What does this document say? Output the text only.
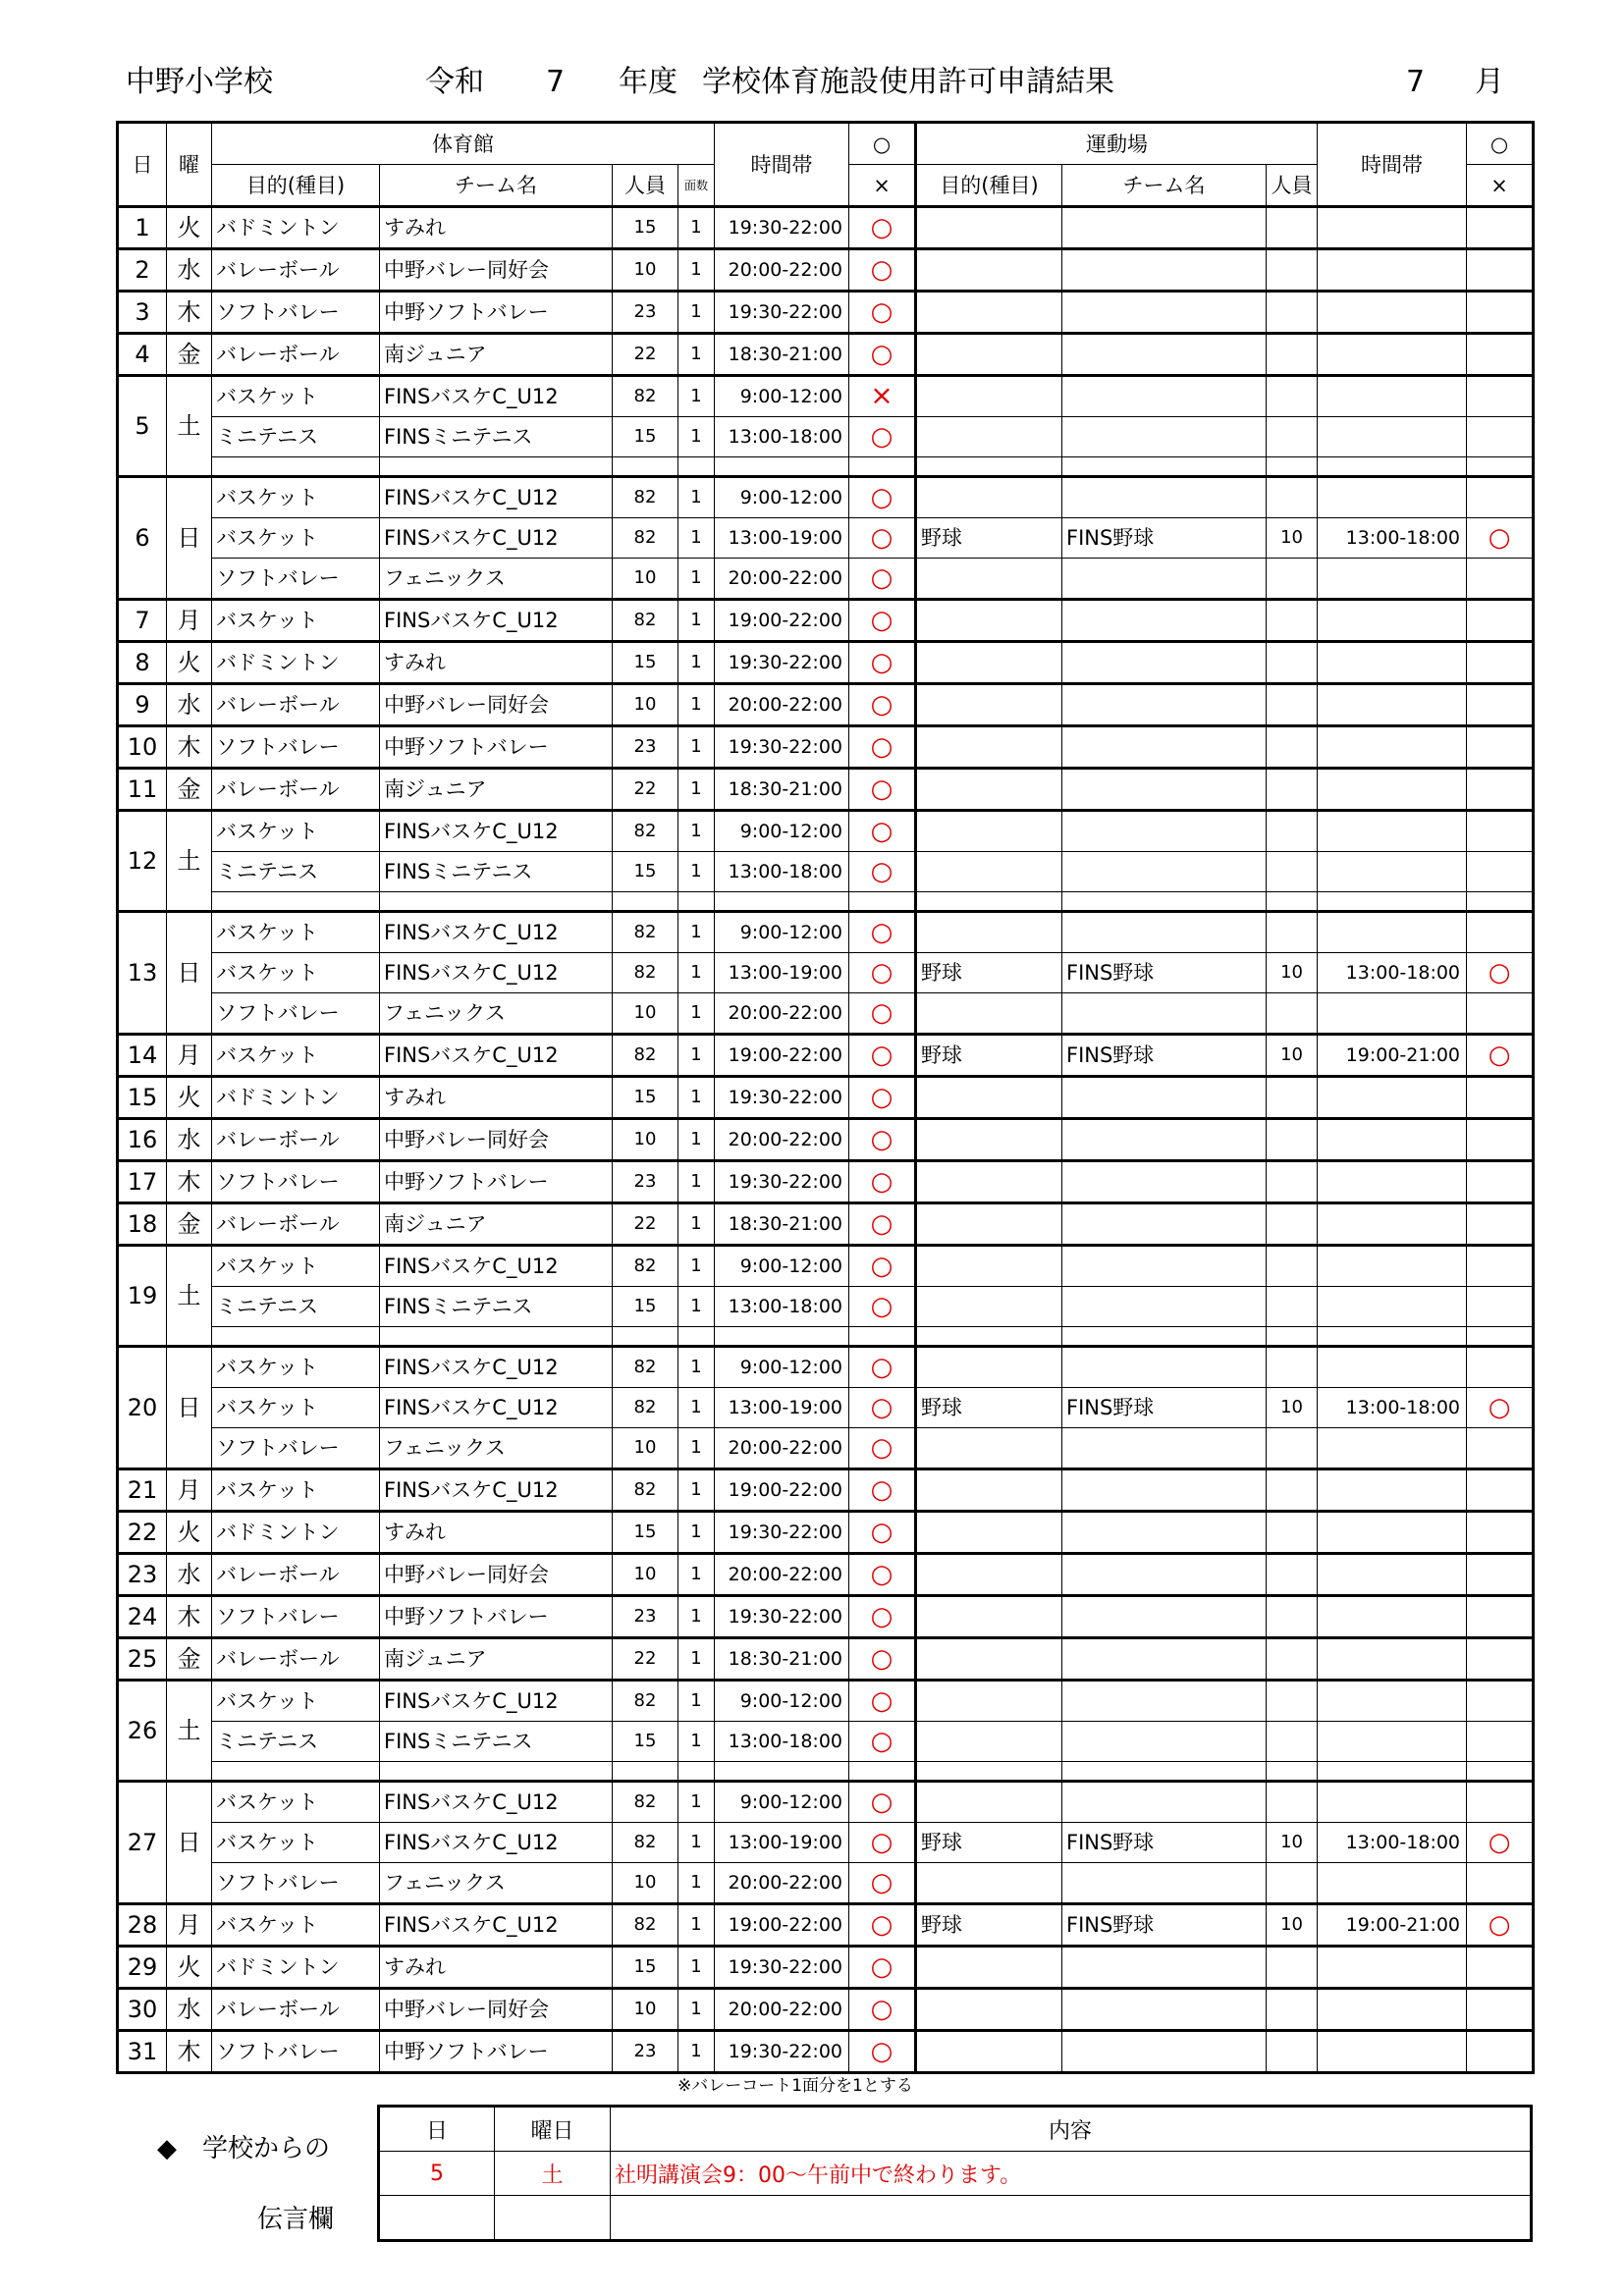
中野小学校	令和 7 年度 学校体育施設使用許可申請結果	7 月
日	曜	体育館				時間帯	○	運動場			時間帯	○
		目的(種目)	チーム名	人員	面数		×	目的(種目)	チーム名	人員		×
1	火	バドミントン	すみれ	15	1	19:30-22:00	○					
2	水	バレーボール	中野バレー同好会	10	1	20:00-22:00	○					
3	木	ソフトバレー	中野ソフトバレー	23	1	19:30-22:00	○					
4	金	バレーボール	南ジュニア	22	1	18:30-21:00	○					
5	土	バスケット	FINSバスケC_U12	82	1	9:00-12:00	×					
		ミニテニス	FINSミニテニス	15	1	13:00-18:00	○					

6	日	バスケット	FINSバスケC_U12	82	1	9:00-12:00	○					
		バスケット	FINSバスケC_U12	82	1	13:00-19:00	○	野球	FINS野球	10	13:00-18:00	○
		ソフトバレー	フェニックス	10	1	20:00-22:00	○					
7	月	バスケット	FINSバスケC_U12	82	1	19:00-22:00	○					
8	火	バドミントン	すみれ	15	1	19:30-22:00	○					
9	水	バレーボール	中野バレー同好会	10	1	20:00-22:00	○					
10	木	ソフトバレー	中野ソフトバレー	23	1	19:30-22:00	○					
11	金	バレーボール	南ジュニア	22	1	18:30-21:00	○					
12	土	バスケット	FINSバスケC_U12	82	1	9:00-12:00	○					
		ミニテニス	FINSミニテニス	15	1	13:00-18:00	○					

13	日	バスケット	FINSバスケC_U12	82	1	9:00-12:00	○					
		バスケット	FINSバスケC_U12	82	1	13:00-19:00	○	野球	FINS野球	10	13:00-18:00	○
		ソフトバレー	フェニックス	10	1	20:00-22:00	○					
14	月	バスケット	FINSバスケC_U12	82	1	19:00-22:00	○	野球	FINS野球	10	19:00-21:00	○
15	火	バドミントン	すみれ	15	1	19:30-22:00	○					
16	水	バレーボール	中野バレー同好会	10	1	20:00-22:00	○					
17	木	ソフトバレー	中野ソフトバレー	23	1	19:30-22:00	○					
18	金	バレーボール	南ジュニア	22	1	18:30-21:00	○					
19	土	バスケット	FINSバスケC_U12	82	1	9:00-12:00	○					
		ミニテニス	FINSミニテニス	15	1	13:00-18:00	○					

20	日	バスケット	FINSバスケC_U12	82	1	9:00-12:00	○					
		バスケット	FINSバスケC_U12	82	1	13:00-19:00	○	野球	FINS野球	10	13:00-18:00	○
		ソフトバレー	フェニックス	10	1	20:00-22:00	○					
21	月	バスケット	FINSバスケC_U12	82	1	19:00-22:00	○					
22	火	バドミントン	すみれ	15	1	19:30-22:00	○					
23	水	バレーボール	中野バレー同好会	10	1	20:00-22:00	○					
24	木	ソフトバレー	中野ソフトバレー	23	1	19:30-22:00	○					
25	金	バレーボール	南ジュニア	22	1	18:30-21:00	○					
26	土	バスケット	FINSバスケC_U12	82	1	9:00-12:00	○					
		ミニテニス	FINSミニテニス	15	1	13:00-18:00	○					

27	日	バスケット	FINSバスケC_U12	82	1	9:00-12:00	○					
		バスケット	FINSバスケC_U12	82	1	13:00-19:00	○	野球	FINS野球	10	13:00-18:00	○
		ソフトバレー	フェニックス	10	1	20:00-22:00	○					
28	月	バスケット	FINSバスケC_U12	82	1	19:00-22:00	○	野球	FINS野球	10	19:00-21:00	○
29	火	バドミントン	すみれ	15	1	19:30-22:00	○					
30	水	バレーボール	中野バレー同好会	10	1	20:00-22:00	○					
31	木	ソフトバレー	中野ソフトバレー	23	1	19:30-22:00	○					
※バレーコート1面分を1とする
◆　学校からの
伝言欄
日	曜日	内容
5	土	社明講演会9：00～午前中で終わります。
